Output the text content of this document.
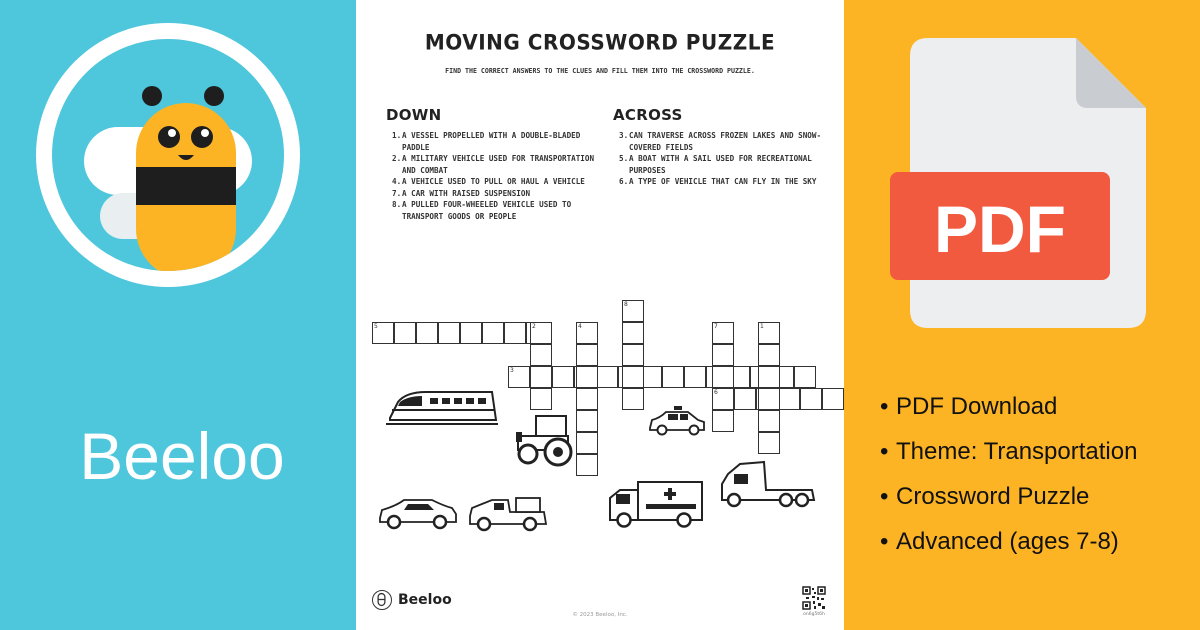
Beeloo
MOVING CROSSWORD PUZZLE
FIND THE CORRECT ANSWERS TO THE CLUES AND FILL THEM INTO THE CROSSWORD PUZZLE.
DOWN
1. A VESSEL PROPELLED WITH A DOUBLE-BLADED PADDLE
2. A MILITARY VEHICLE USED FOR TRANSPORTATION AND COMBAT
4. A VEHICLE USED TO PULL OR HAUL A VEHICLE
7. A CAR WITH RAISED SUSPENSION
8. A PULLED FOUR-WHEELED VEHICLE USED TO TRANSPORT GOODS OR PEOPLE
ACROSS
3. CAN TRAVERSE ACROSS FROZEN LAKES AND SNOW-COVERED FIELDS
5. A BOAT WITH A SAIL USED FOR RECREATIONAL PURPOSES
6. A TYPE OF VEHICLE THAT CAN FLY IN THE SKY
5
3
6
2	4
8
7	1
Beeloo
© 2023 Beeloo, Inc.	on6g5t6h
PDF
• PDF Download
• Theme: Transportation
• Crossword Puzzle
• Advanced (ages 7-8)
